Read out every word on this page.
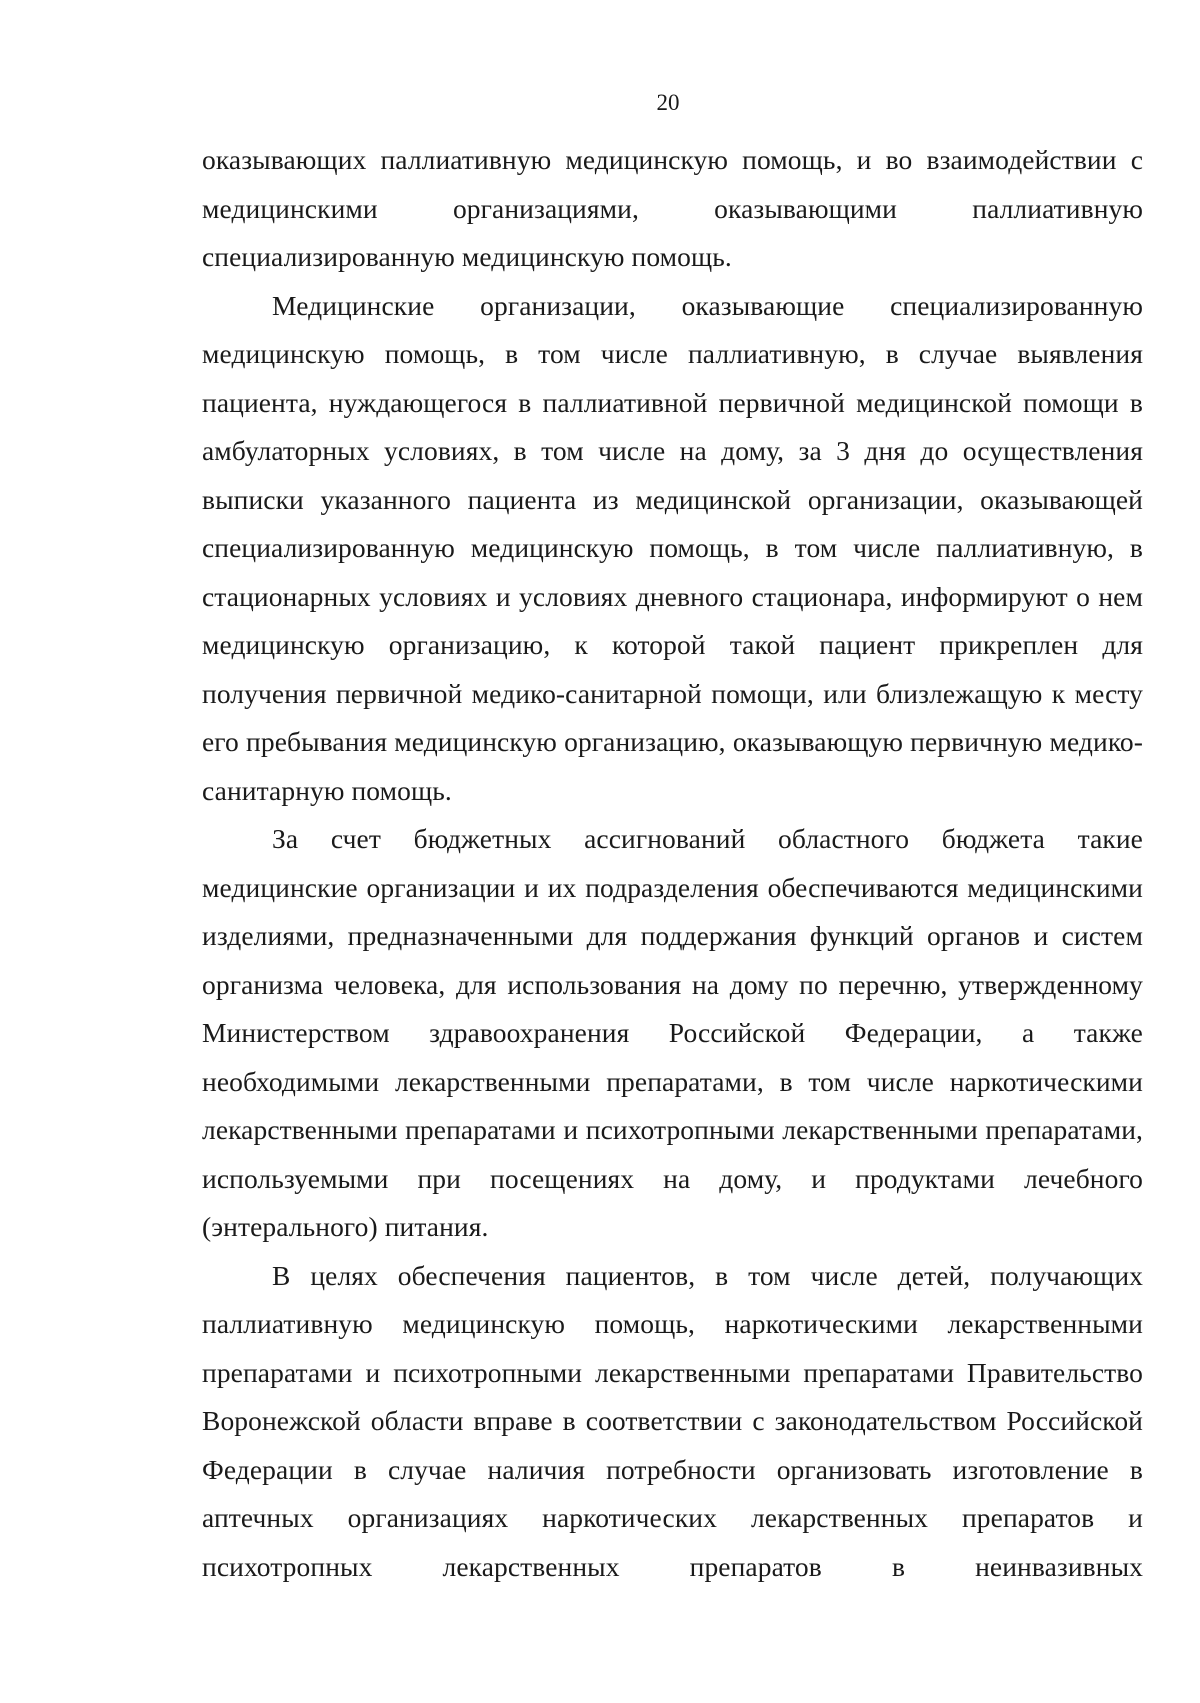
20

оказывающих паллиативную медицинскую помощь, и во взаимодействии с медицинскими организациями, оказывающими паллиативную специализированную медицинскую помощь.

Медицинские организации, оказывающие специализированную медицинскую помощь, в том числе паллиативную, в случае выявления пациента, нуждающегося в паллиативной первичной медицинской помощи в амбулаторных условиях, в том числе на дому, за 3 дня до осуществления выписки указанного пациента из медицинской организации, оказывающей специализированную медицинскую помощь, в том числе паллиативную, в стационарных условиях и условиях дневного стационара, информируют о нем медицинскую организацию, к которой такой пациент прикреплен для получения первичной медико-санитарной помощи, или близлежащую к месту его пребывания медицинскую организацию, оказывающую первичную медико-санитарную помощь.

За счет бюджетных ассигнований областного бюджета такие медицинские организации и их подразделения обеспечиваются медицинскими изделиями, предназначенными для поддержания функций органов и систем организма человека, для использования на дому по перечню, утвержденному Министерством здравоохранения Российской Федерации, а также необходимыми лекарственными препаратами, в том числе наркотическими лекарственными препаратами и психотропными лекарственными препаратами, используемыми при посещениях на дому, и продуктами лечебного (энтерального) питания.

В целях обеспечения пациентов, в том числе детей, получающих паллиативную медицинскую помощь, наркотическими лекарственными препаратами и психотропными лекарственными препаратами Правительство Воронежской области вправе в соответствии с законодательством Российской Федерации в случае наличия потребности организовать изготовление в аптечных организациях наркотических лекарственных препаратов и психотропных лекарственных препаратов в неинвазивных
